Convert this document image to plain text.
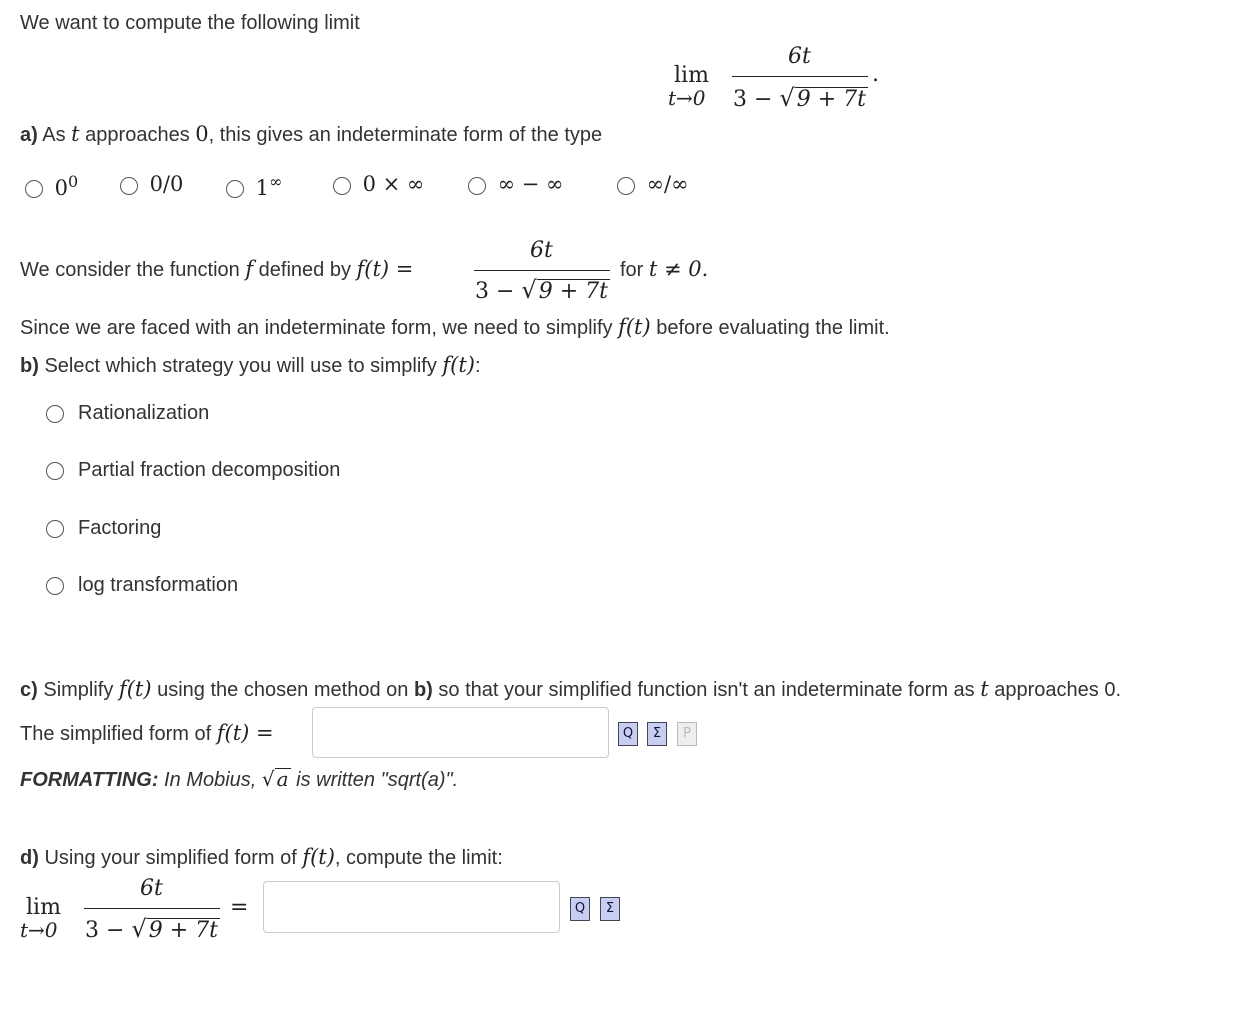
We want to compute the following limit
lim
t→0
6t
3 − √9 + 7t
.
a) As t approaches 0, this gives an indeterminate form of the type
$0^0$	0/0	1∞	0 × ∞	∞ − ∞	∞/∞
We consider the function f defined by f(t) =
6t
3 − √9 + 7t
for t ≠ 0.
Since we are faced with an indeterminate form, we need to simplify f(t) before evaluating the limit.
b) Select which strategy you will use to simplify f(t):
Rationalization
Partial fraction decomposition
Factoring
log transformation
c) Simplify f(t) using the chosen method on b) so that your simplified function isn't an indeterminate form as t approaches 0.
The simplified form of f(t) =	Q	Σ	P
FORMATTING: In Mobius, √ a is written "sqrt(a)".
d) Using your simplified form of f(t), compute the limit:
lim
t→0
6t
3 − √9 + 7t
=	Q	Σ
